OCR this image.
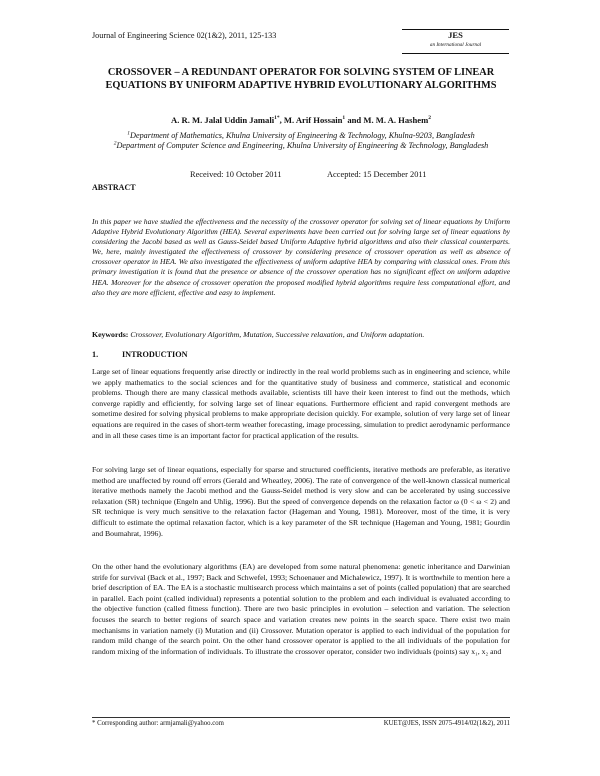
Journal of Engineering Science 02(1&2), 2011, 125-133	JES
an International Journal
CROSSOVER – A REDUNDANT OPERATOR FOR SOLVING SYSTEM OF LINEAR EQUATIONS BY UNIFORM ADAPTIVE HYBRID EVOLUTIONARY ALGORITHMS
A. R. M. Jalal Uddin Jamali$^{1*}$, M. Arif Hossain$^1$ and M. M. A. Hashem$^2$
$^1$Department of Mathematics, Khulna University of Engineering & Technology, Khulna-9203, Bangladesh
$^2$Department of Computer Science and Engineering, Khulna University of Engineering & Technology, Bangladesh
Received: 10 October 2011	Accepted: 15 December 2011
ABSTRACT
In this paper we have studied the effectiveness and the necessity of the crossover operator for solving set of linear equations by Uniform Adaptive Hybrid Evolutionary Algorithm (HEA). Several experiments have been carried out for solving large set of linear equations by considering the Jacobi based as well as Gauss-Seidel based Uniform Adaptive hybrid algorithms and also their classical counterparts. We, here, mainly investigated the effectiveness of crossover by considering presence of crossover operation as well as absence of crossover operator in HEA. We also investigated the effectiveness of uniform adaptive HEA by comparing with classical ones. From this primary investigation it is found that the presence or absence of the crossover operation has no significant effect on uniform adaptive HEA. Moreover for the absence of crossover operation the proposed modified hybrid algorithms require less computational effort, and also they are more efficient, effective and easy to implement.
Keywords: Crossover, Evolutionary Algorithm, Mutation, Successive relaxation, and Uniform adaptation.
1.	INTRODUCTION
Large set of linear equations frequently arise directly or indirectly in the real world problems such as in engineering and science, while we apply mathematics to the social sciences and for the quantitative study of business and commerce, statistical and economic problems. Though there are many classical methods available, scientists till have their keen interest to find out the methods, which converge rapidly and efficiently, for solving large set of linear equations. Furthermore efficient and rapid convergent methods are sometime desired for solving physical problems to make appropriate decision quickly. For example, solution of very large set of linear equations are required in the cases of short-term weather forecasting, image processing, simulation to predict aerodynamic performance and in all these cases time is an important factor for practical application of the results.
For solving large set of linear equations, especially for sparse and structured coefficients, iterative methods are preferable, as iterative method are unaffected by round off errors (Gerald and Wheatley, 2006). The rate of convergence of the well-known classical numerical iterative methods namely the Jacobi method and the Gauss-Seidel method is very slow and can be accelerated by using successive relaxation (SR) technique (Engeln and Uhlig, 1996). But the speed of convergence depends on the relaxation factor ω (0 < ω < 2) and SR technique is very much sensitive to the relaxation factor (Hageman and Young, 1981). Moreover, most of the time, it is very difficult to estimate the optimal relaxation factor, which is a key parameter of the SR technique (Hageman and Young, 1981; Gourdin and Boumahrat, 1996).
On the other hand the evolutionary algorithms (EA) are developed from some natural phenomena: genetic inheritance and Darwinian strife for survival (Back et al., 1997; Back and Schwefel, 1993; Schoenauer and Michalewicz, 1997). It is worthwhile to mention here a brief description of EA. The EA is a stochastic multisearch process which maintains a set of points (called population) that are searched in parallel. Each point (called individual) represents a potential solution to the problem and each individual is evaluated according to the objective function (called fitness function). There are two basic principles in evolution – selection and variation. The selection focuses the search to better regions of search space and variation creates new points in the search space. There exist two main mechanisms in variation namely (i) Mutation and (ii) Crossover. Mutation operator is applied to each individual of the population for random mild change of the search point. On the other hand crossover operator is applied to the all individuals of the population for random mixing of the information of individuals. To illustrate the crossover operator, consider two individuals (points) say x₁, x₂ and
* Corresponding author: armjamali@yahoo.com	KUET@JES, ISSN 2075-4914/02(1&2), 2011
